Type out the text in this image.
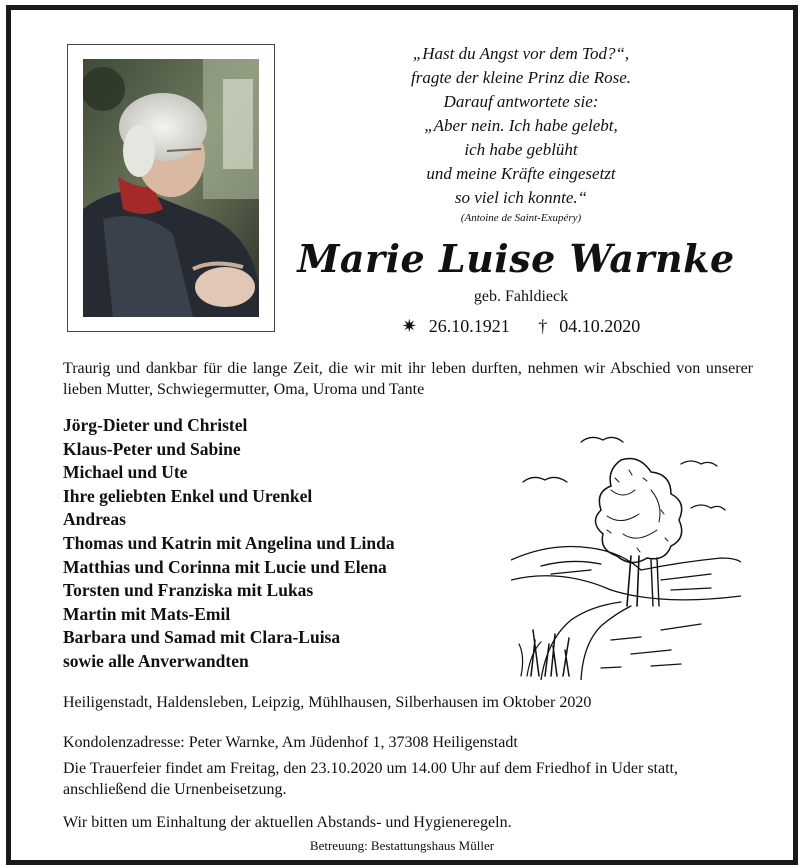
„Hast du Angst vor dem Tod?“,
fragte der kleine Prinz die Rose.
Darauf antwortete sie:
„Aber nein. Ich habe gelebt,
ich habe geblüht
und meine Kräfte eingesetzt
so viel ich konnte.“
(Antoine de Saint-Exupéry)
Marie Luise Warnke
geb. Fahldieck
✷ 26.10.1921 † 04.10.2020
Traurig und dankbar für die lange Zeit, die wir mit ihr leben durften, nehmen wir Abschied von unserer lieben Mutter, Schwiegermutter, Oma, Uroma und Tante
Jörg-Dieter und Christel
Klaus-Peter und Sabine
Michael und Ute
Ihre geliebten Enkel und Urenkel
Andreas
Thomas und Katrin mit Angelina und Linda
Matthias und Corinna mit Lucie und Elena
Torsten und Franziska mit Lukas
Martin mit Mats-Emil
Barbara und Samad mit Clara-Luisa
sowie alle Anverwandten
Heiligenstadt, Haldensleben, Leipzig, Mühlhausen, Silberhausen im Oktober 2020
Kondolenzadresse: Peter Warnke, Am Jüdenhof 1, 37308 Heiligenstadt
Die Trauerfeier findet am Freitag, den 23.10.2020 um 14.00 Uhr auf dem Friedhof in Uder statt, anschließend die Urnenbeisetzung.
Wir bitten um Einhaltung der aktuellen Abstands- und Hygieneregeln.
Betreuung: Bestattungshaus Müller
